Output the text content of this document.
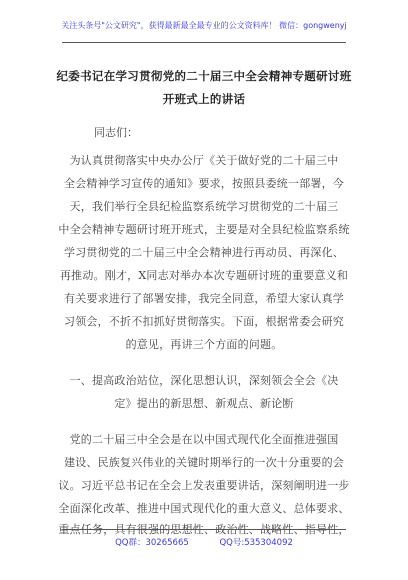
关注头条号"公文研究"，获得最新最全最专业的公文资料库！ 微信：gongwenyj
纪委书记在学习贯彻党的二十届三中全会精神专题研讨班
开班式上的讲话
同志们：
为认真贯彻落实中央办公厅《关于做好党的二十届三中
全会精神学习宣传的通知》要求，按照县委统一部署，今
天，我们举行全县纪检监察系统学习贯彻党的二十届三
中全会精神专题研讨班开班式，主要是对全县纪检监察系统
学习贯彻党的二十届三中全会精神进行再动员、再深化、
再推动。刚才，X同志对举办本次专题研讨班的重要意义和
有关要求进行了部署安排，我完全同意，希望大家认真学
习领会，不折不扣抓好贯彻落实。下面，根据常委会研究
的意见，再讲三个方面的问题。
一、提高政治站位，深化思想认识，深刻领会全会《决
定》提出的新思想、新观点、新论断
党的二十届三中全会是在以中国式现代化全面推进强国
建设、民族复兴伟业的关键时期举行的一次十分重要的会
议。习近平总书记在全会上发表重要讲话，深刻阐明进一步
全面深化改革、推进中国式现代化的重大意义、总体要求、
重点任务，具有很强的思想性、政治性、战略性、指导性，
QQ群：30265665	QQ号:535304092
